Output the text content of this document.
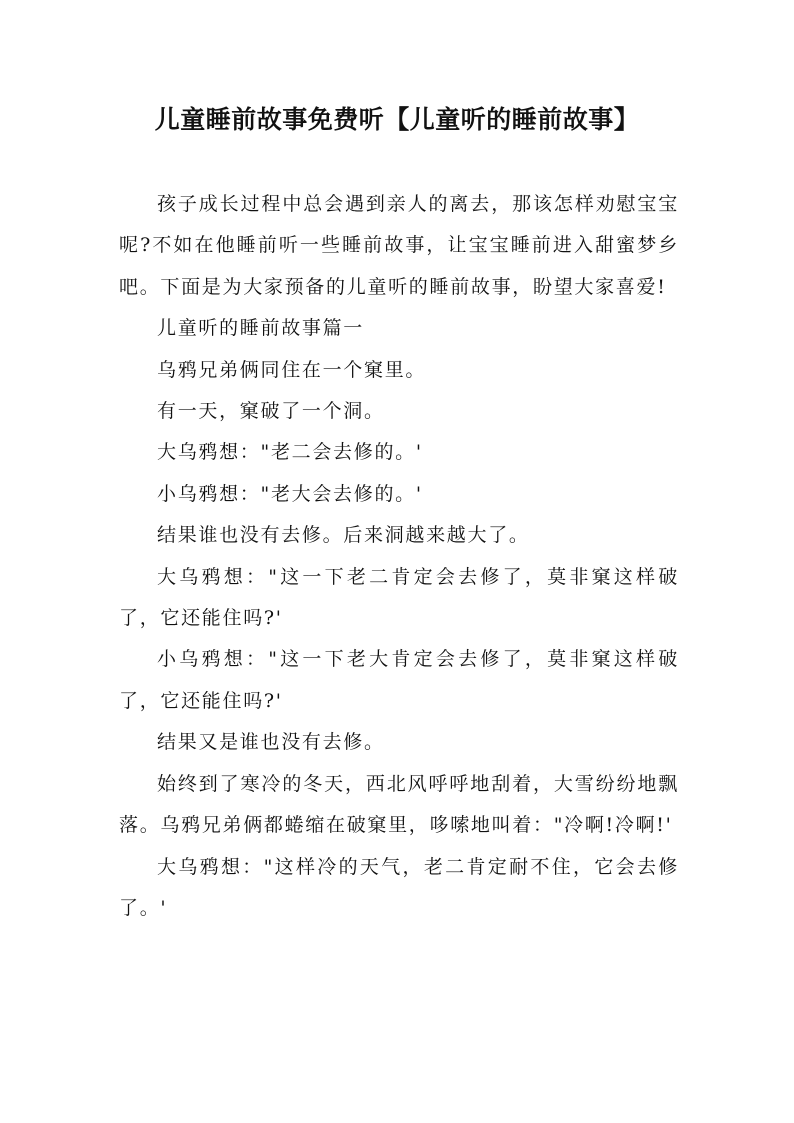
儿童睡前故事免费听【儿童听的睡前故事】

孩子成长过程中总会遇到亲人的离去，那该怎样劝慰宝宝呢?不如在他睡前听一些睡前故事，让宝宝睡前进入甜蜜梦乡吧。下面是为大家预备的儿童听的睡前故事，盼望大家喜爱!

儿童听的睡前故事篇一

乌鸦兄弟俩同住在一个窠里。

有一天，窠破了一个洞。

大乌鸦想："老二会去修的。'

小乌鸦想："老大会去修的。'

结果谁也没有去修。后来洞越来越大了。

大乌鸦想："这一下老二肯定会去修了，莫非窠这样破了，它还能住吗?'

小乌鸦想："这一下老大肯定会去修了，莫非窠这样破了，它还能住吗?'

结果又是谁也没有去修。

始终到了寒冷的冬天，西北风呼呼地刮着，大雪纷纷地飘落。乌鸦兄弟俩都蜷缩在破窠里，哆嗦地叫着："冷啊!冷啊!'

大乌鸦想："这样冷的天气，老二肯定耐不住，它会去修了。'
